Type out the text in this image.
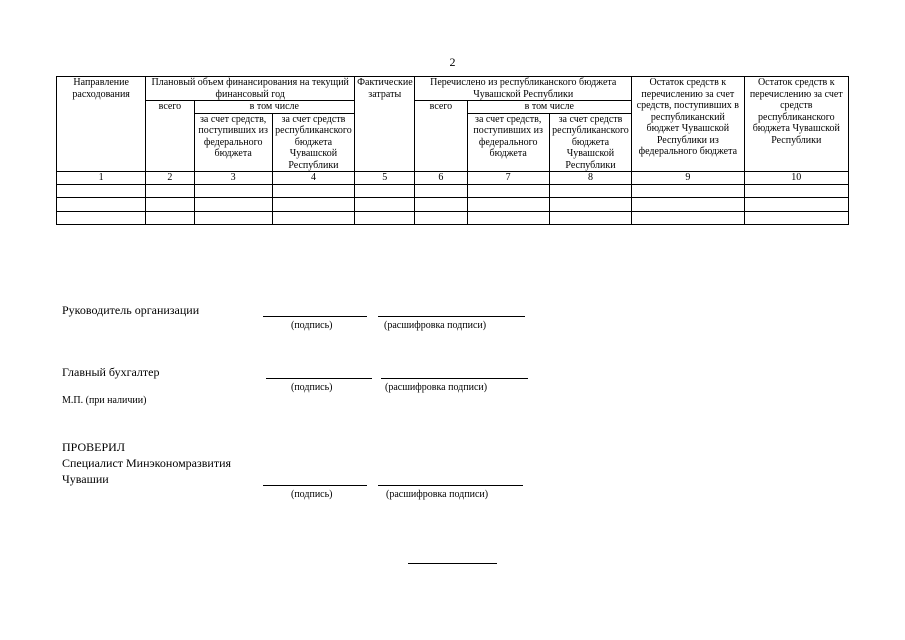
2
Направление расходования	Плановый объем финансирования на текущий финансовый год			Фактические затраты	Перечислено из республиканского бюджета Чувашской Республики			Остаток средств к перечислению за счет средств, поступивших в республиканский бюджет Чувашской Республики из федерального бюджета	Остаток средств к перечислению за счет средств республиканского бюджета Чувашской Республики
	всего	в том числе			всего	в том числе			
		за счет средств, поступивших из федерального бюджета	за счет средств республиканского бюджета Чувашской Республики			за счет средств, поступивших из федерального бюджета	за счет средств республиканского бюджета Чувашской Республики		
1	2	3	4	5	6	7	8	9	10

Руководитель организации
(подпись)	(расшифровка подписи)
Главный бухгалтер
(подпись)	(расшифровка подписи)
М.П. (при наличии)
ПРОВЕРИЛ
Специалист Минэкономразвития
Чувашии
(подпись)	(расшифровка подписи)
